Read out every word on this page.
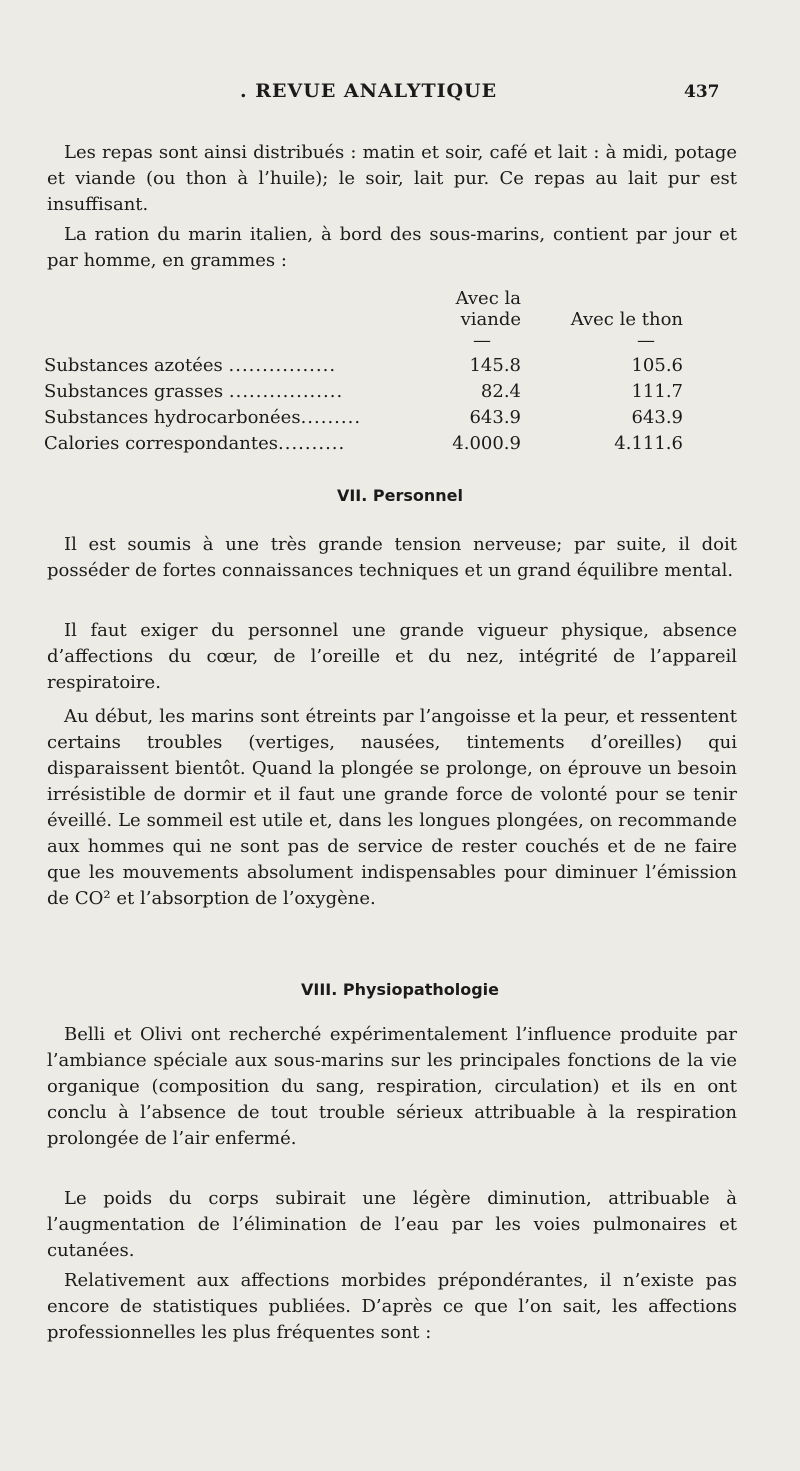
. REVUE ANALYTIQUE	437

Les repas sont ainsi distribués : matin et soir, café et lait : à midi, potage et viande (ou thon à l’huile); le soir, lait pur. Ce repas au lait pur est insuffisant.

La ration du marin italien, à bord des sous-marins, contient par jour et par homme, en grammes :

	Avec la viande	Avec le thon
	—	—
Substances azotées ................	145.8	105.6
Substances grasses .................	82.4	111.7
Substances hydrocarbonées.........	643.9	643.9
Calories correspondantes..........	4.000.9	4.111.6
VII. Personnel

Il est soumis à une très grande tension nerveuse; par suite, il doit posséder de fortes connaissances techniques et un grand équilibre mental.

Il faut exiger du personnel une grande vigueur physique, absence d’affections du cœur, de l’oreille et du nez, intégrité de l’appareil respiratoire.

Au début, les marins sont étreints par l’angoisse et la peur, et ressentent certains troubles (vertiges, nausées, tintements d’oreilles) qui disparaissent bientôt. Quand la plongée se prolonge, on éprouve un besoin irrésistible de dormir et il faut une grande force de volonté pour se tenir éveillé. Le sommeil est utile et, dans les longues plongées, on recommande aux hommes qui ne sont pas de service de rester couchés et de ne faire que les mouvements absolument indispensables pour diminuer l’émission de CO² et l’absorption de l’oxygène.

VIII. Physiopathologie

Belli et Olivi ont recherché expérimentalement l’influence produite par l’ambiance spéciale aux sous-marins sur les principales fonctions de la vie organique (composition du sang, respiration, circulation) et ils en ont conclu à l’absence de tout trouble sérieux attribuable à la respiration prolongée de l’air enfermé.

Le poids du corps subirait une légère diminution, attribuable à l’augmentation de l’élimination de l’eau par les voies pulmonaires et cutanées.

Relativement aux affections morbides prépondérantes, il n’existe pas encore de statistiques publiées. D’après ce que l’on sait, les affections professionnelles les plus fréquentes sont :
